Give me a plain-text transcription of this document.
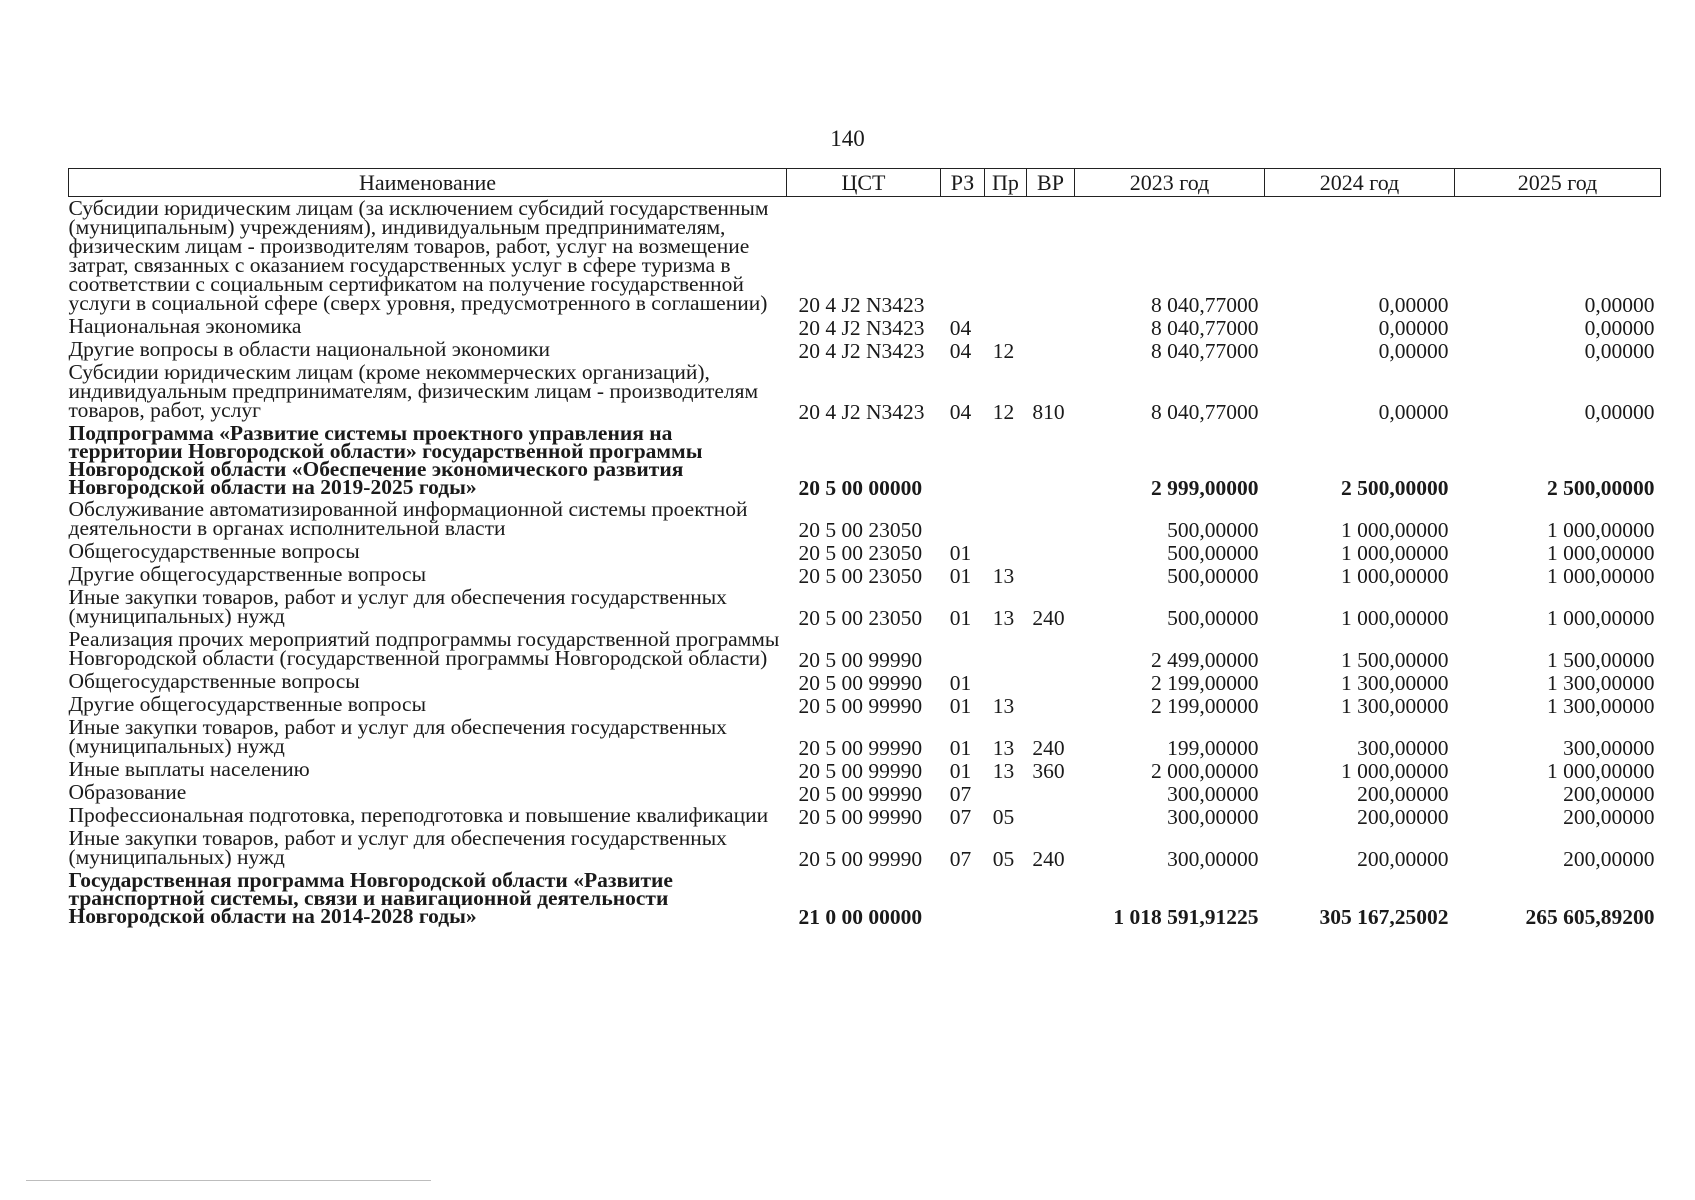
140
Наименование	ЦСТ	РЗ	Пр	ВР	2023 год	2024 год	2025 год
Субсидии юридическим лицам (за исключением субсидий государственным (муниципальным) учреждениям), индивидуальным предпринимателям, физическим лицам - производителям товаров, работ, услуг на возмещение затрат, связанных с оказанием государственных услуг в сфере туризма в соответствии с социальным сертификатом на получение государственной услуги в социальной сфере (сверх уровня, предусмотренного в соглашении)	20 4 J2 N3423				8 040,77000	0,00000	0,00000
Национальная экономика	20 4 J2 N3423	04			8 040,77000	0,00000	0,00000
Другие вопросы в области национальной экономики	20 4 J2 N3423	04	12		8 040,77000	0,00000	0,00000
Субсидии юридическим лицам (кроме некоммерческих организаций), индивидуальным предпринимателям, физическим лицам - производителям товаров, работ, услуг	20 4 J2 N3423	04	12	810	8 040,77000	0,00000	0,00000
Подпрограмма «Развитие системы проектного управления на территории Новгородской области» государственной программы Новгородской области «Обеспечение экономического развития Новгородской области на 2019-2025 годы»	20 5 00 00000				2 999,00000	2 500,00000	2 500,00000
Обслуживание автоматизированной информационной системы проектной деятельности в органах исполнительной власти	20 5 00 23050				500,00000	1 000,00000	1 000,00000
Общегосударственные вопросы	20 5 00 23050	01			500,00000	1 000,00000	1 000,00000
Другие общегосударственные вопросы	20 5 00 23050	01	13		500,00000	1 000,00000	1 000,00000
Иные закупки товаров, работ и услуг для обеспечения государственных (муниципальных) нужд	20 5 00 23050	01	13	240	500,00000	1 000,00000	1 000,00000
Реализация прочих мероприятий подпрограммы государственной программы Новгородской области (государственной программы Новгородской области)	20 5 00 99990				2 499,00000	1 500,00000	1 500,00000
Общегосударственные вопросы	20 5 00 99990	01			2 199,00000	1 300,00000	1 300,00000
Другие общегосударственные вопросы	20 5 00 99990	01	13		2 199,00000	1 300,00000	1 300,00000
Иные закупки товаров, работ и услуг для обеспечения государственных (муниципальных) нужд	20 5 00 99990	01	13	240	199,00000	300,00000	300,00000
Иные выплаты населению	20 5 00 99990	01	13	360	2 000,00000	1 000,00000	1 000,00000
Образование	20 5 00 99990	07			300,00000	200,00000	200,00000
Профессиональная подготовка, переподготовка и повышение квалификации	20 5 00 99990	07	05		300,00000	200,00000	200,00000
Иные закупки товаров, работ и услуг для обеспечения государственных (муниципальных) нужд	20 5 00 99990	07	05	240	300,00000	200,00000	200,00000
Государственная программа Новгородской области «Развитие транспортной системы, связи и навигационной деятельности Новгородской области на 2014-2028 годы»	21 0 00 00000				1 018 591,91225	305 167,25002	265 605,89200
